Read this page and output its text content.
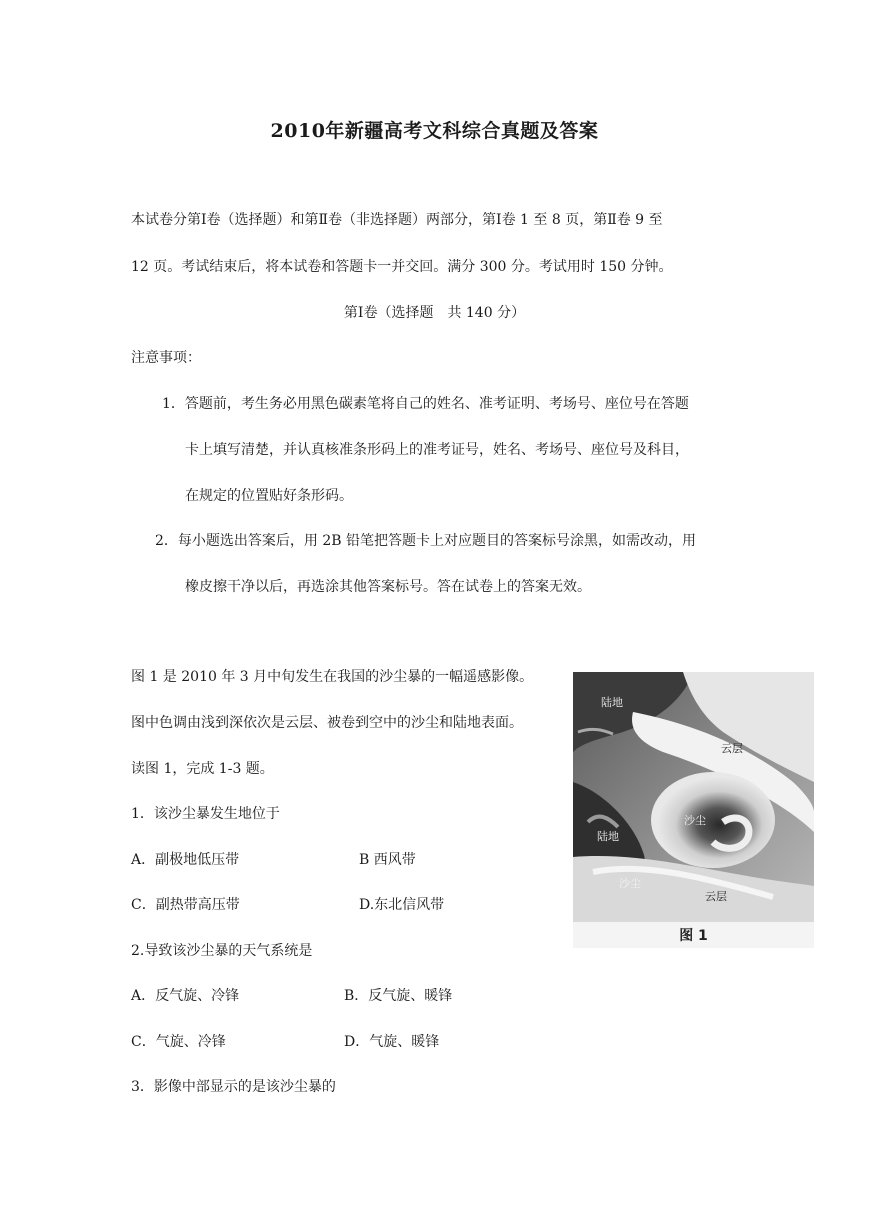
2010年新疆高考文科综合真题及答案
本试卷分第Ⅰ卷（选择题）和第Ⅱ卷（非选择题）两部分，第Ⅰ卷 1 至 8 页，第Ⅱ卷 9 至
12 页。考试结束后，将本试卷和答题卡一并交回。满分 300 分。考试用时 150 分钟。
第Ⅰ卷（选择题　共 140 分）
注意事项：
1．答题前，考生务必用黑色碳素笔将自己的姓名、准考证明、考场号、座位号在答题
卡上填写清楚，并认真核准条形码上的准考证号，姓名、考场号、座位号及科目，
在规定的位置贴好条形码。
2．每小题选出答案后，用 2B 铅笔把答题卡上对应题目的答案标号涂黑，如需改动，用
橡皮擦干净以后，再选涂其他答案标号。答在试卷上的答案无效。
图 1 是 2010 年 3 月中旬发生在我国的沙尘暴的一幅遥感影像。
图中色调由浅到深依次是云层、被卷到空中的沙尘和陆地表面。
读图 1，完成 1-3 题。
1．该沙尘暴发生地位于
A．副极地低压带	B 西风带
C．副热带高压带	D.东北信风带
2.导致该沙尘暴的天气系统是
A．反气旋、冷锋	B．反气旋、暖锋
C．气旋、冷锋	D．气旋、暖锋
3．影像中部显示的是该沙尘暴的
陆地
云层
陆地
沙尘
沙尘
云层
图 1
